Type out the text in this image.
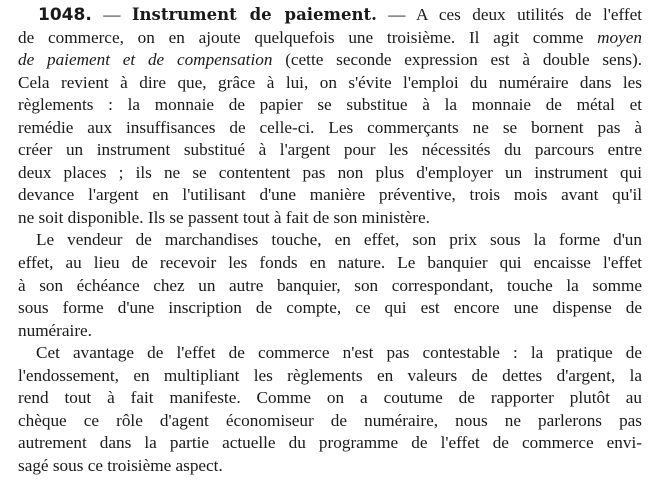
1048. — Instrument de paiement. — A ces deux utilités de l'effet
de commerce, on en ajoute quelquefois une troisième. Il agit comme moyen
de paiement et de compensation (cette seconde expression est à double sens).
Cela revient à dire que, grâce à lui, on s'évite l'emploi du numéraire dans les
règlements : la monnaie de papier se substitue à la monnaie de métal et
remédie aux insuffisances de celle-ci. Les commerçants ne se bornent pas à
créer un instrument substitué à l'argent pour les nécessités du parcours entre
deux places ; ils ne se contentent pas non plus d'employer un instrument qui
devance l'argent en l'utilisant d'une manière préventive, trois mois avant qu'il
ne soit disponible. Ils se passent tout à fait de son ministère.
Le vendeur de marchandises touche, en effet, son prix sous la forme d'un
effet, au lieu de recevoir les fonds en nature. Le banquier qui encaisse l'effet
à son échéance chez un autre banquier, son correspondant, touche la somme
sous forme d'une inscription de compte, ce qui est encore une dispense de
numéraire.
Cet avantage de l'effet de commerce n'est pas contestable : la pratique de
l'endossement, en multipliant les règlements en valeurs de dettes d'argent, la
rend tout à fait manifeste. Comme on a coutume de rapporter plutôt au
chèque ce rôle d'agent économiseur de numéraire, nous ne parlerons pas
autrement dans la partie actuelle du programme de l'effet de commerce envi-
sagé sous ce troisième aspect.
